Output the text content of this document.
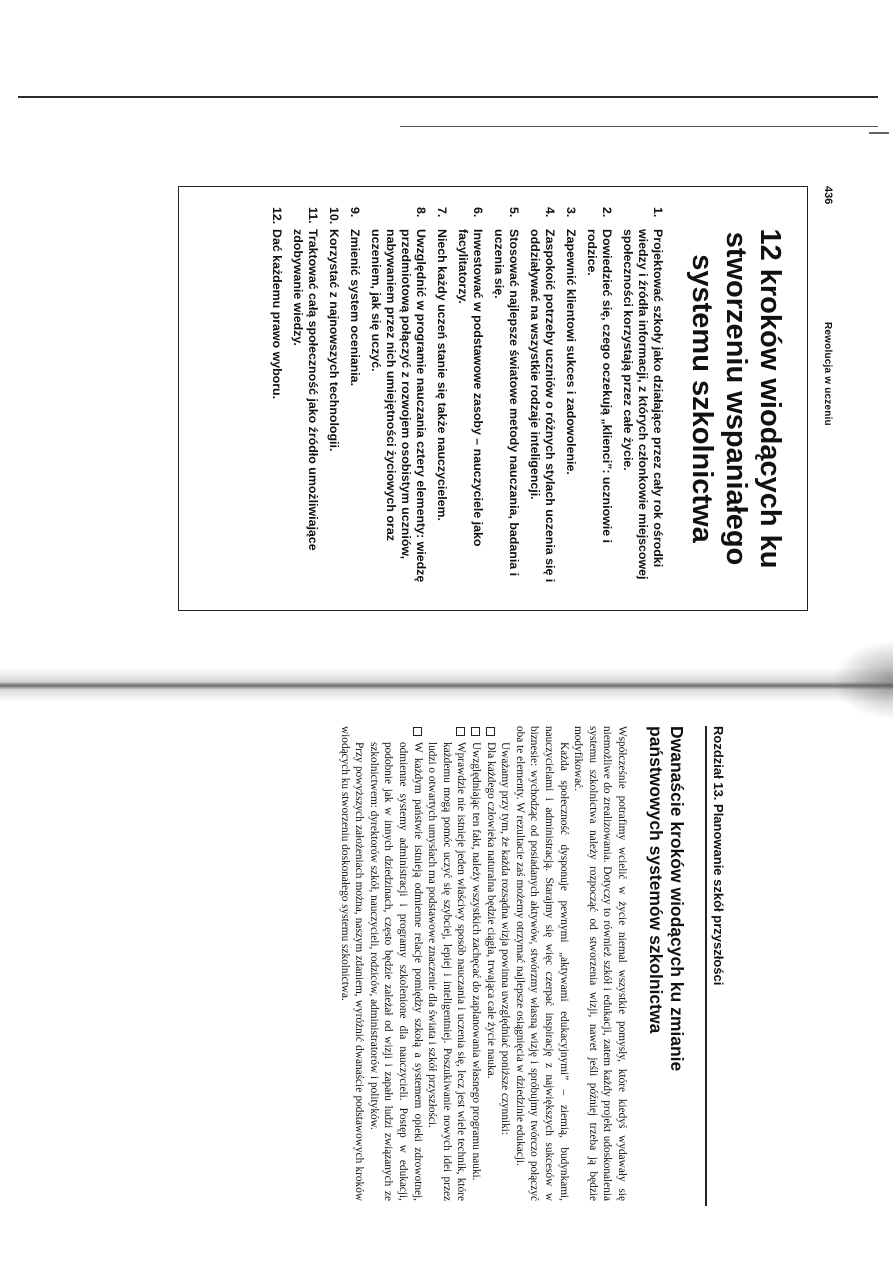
436
Rewolucja w uczeniu
12 kroków wiodących ku stworzeniu wspaniałego systemu szkolnictwa
1.
Projektować szkoły jako działające przez cały rok ośrodki wiedzy i źródła informacji, z których członkowie miejscowej społeczności korzystają przez całe życie.
2.
Dowiedzieć się, czego oczekują „klienci”: uczniowie i rodzice.
3.
Zapewnić klientowi sukces i zadowolenie.
4.
Zaspokoić potrzeby uczniów o różnych stylach uczenia się i oddziaływać na wszystkie rodzaje inteligencji.
5.
Stosować najlepsze światowe metody nauczania, badania i uczenia się.
6.
Inwestować w podstawowe zasoby – nauczyciele jako facylitatorzy.
7.
Niech każdy uczeń stanie się także nauczycielem.
8.
Uwzględnić w programie nauczania cztery elementy: wiedzę przedmiotową połączyć z rozwojem osobistym uczniów, nabywaniem przez nich umiejętności życiowych oraz uczeniem, jak się uczyć.
9.
Zmienić system oceniania.
10.
Korzystać z najnowszych technologii.
11.
Traktować całą społeczność jako źródło umożliwiające zdobywanie wiedzy.
12.
Dać każdemu prawo wyboru.
Rozdział 13. Planowanie szkół przyszłości
Dwanaście kroków wiodących ku zmianie państwowych systemów szkolnictwa

Współcześnie potrafimy wcielić w życie niemal wszystkie pomysły, które kiedyś wydawały się niemożliwe do zrealizowania. Dotyczy to również szkół i edukacji, zatem każdy projekt udoskonalenia systemu szkolnictwa należy rozpocząć od stworzenia wizji, nawet jeśli później trzeba ją będzie modyfikować.

Każda społeczność dysponuje pewnymi „aktywami edukacyjnymi” – ziemią, budynkami, nauczycielami i administracją. Starajmy się więc czerpać inspirację z największych sukcesów w biznesie: wychodząc od posiadanych aktywów, stwórzmy własną wizję i spróbujmy twórczo połączyć oba te elementy. W rezultacie zaś możemy otrzymać najlepsze osiągnięcia w dziedzinie edukacji.

Uważamy przy tym, że każda rozsądna wizja powinna uwzględniać poniższe czynniki:

Dla każdego człowieka naturalna będzie ciągła, trwająca całe życie nauka.
Uwzględniając ten fakt, należy wszystkich zachęcać do zaplanowania własnego programu nauki.
Wprawdzie nie istnieje jeden właściwy sposób nauczania i uczenia się, lecz jest wiele technik, które każdemu mogą pomóc uczyć się szybciej, lepiej i inteligentniej. Poszukiwanie nowych idei przez ludzi o otwartych umysłach ma podstawowe znaczenie dla świata i szkół przyszłości.
W każdym państwie istnieją odmienne relacje pomiędzy szkołą a systemem opieki zdrowotnej, odmienne systemy administracji i programy szkolenione dla nauczycieli. Postęp w edukacji, podobnie jak w innych dziedzinach, często będzie zależał od wizji i zapału ludzi związanych ze szkolnictwem: dyrektorów szkół, nauczycieli, rodziców, administratorów i polityków.

Przy powyższych założeniach można, naszym zdaniem, wyróżnić dwanaście podstawowych kroków wiodących ku stworzeniu doskonałego systemu szkolnictwa.
